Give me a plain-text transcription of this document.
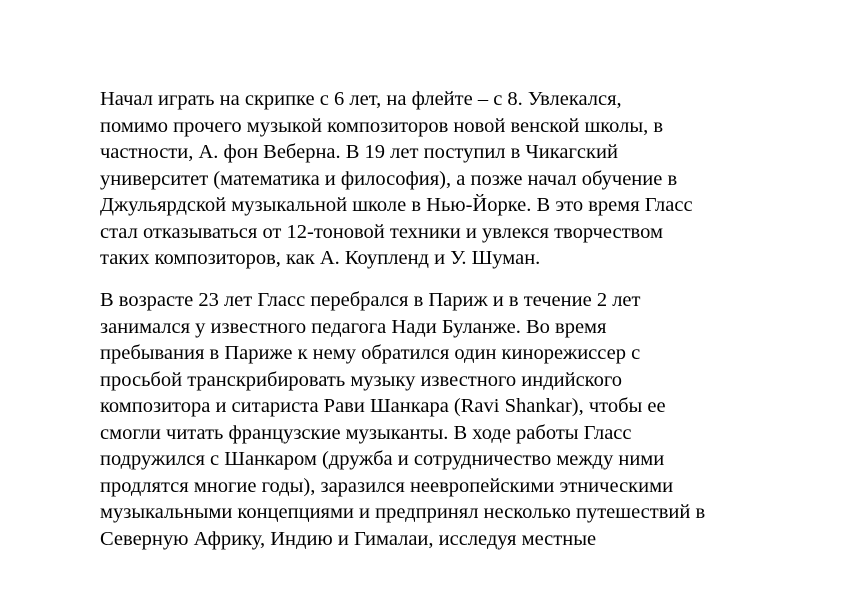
Начал играть на скрипке с 6 лет, на флейте – с 8. Увлекался,
помимо прочего музыкой композиторов новой венской школы, в
частности, А. фон Веберна. В 19 лет поступил в Чикагский
университет (математика и философия), а позже начал обучение в
Джульярдской музыкальной школе в Нью-Йорке. В это время Гласс
стал отказываться от 12-тоновой техники и увлекся творчеством
таких композиторов, как А. Коупленд и У. Шуман.
В возрасте 23 лет Гласс перебрался в Париж и в течение 2 лет
занимался у известного педагога Нади Буланже. Во время
пребывания в Париже к нему обратился один кинорежиссер с
просьбой транскрибировать музыку известного индийского
композитора и ситариста Рави Шанкара (Ravi Shankar), чтобы ее
смогли читать французские музыканты. В ходе работы Гласс
подружился с Шанкаром (дружба и сотрудничество между ними
продлятся многие годы), заразился неевропейскими этническими
музыкальными концепциями и предпринял несколько путешествий в
Северную Африку, Индию и Гималаи, исследуя местные
